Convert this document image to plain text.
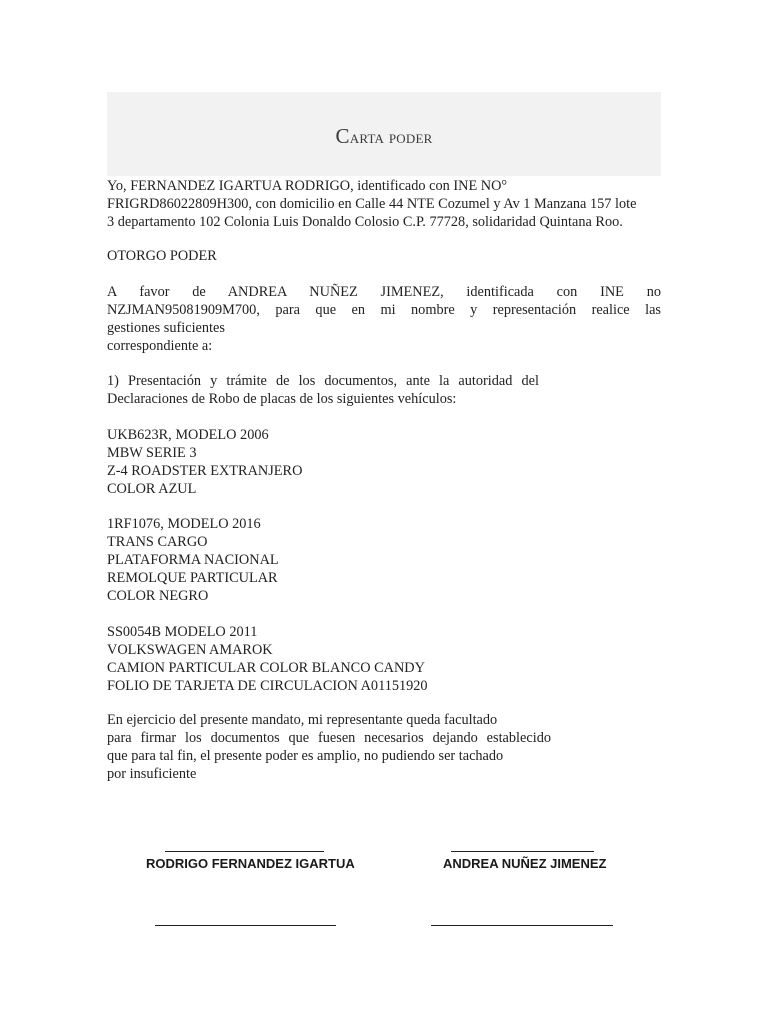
Carta poder
Yo, FERNANDEZ IGARTUA RODRIGO, identificado con INE NO°
FRIGRD86022809H300, con domicilio en Calle 44 NTE Cozumel y Av 1 Manzana 157 lote
3 departamento 102 Colonia Luis Donaldo Colosio C.P. 77728, solidaridad Quintana Roo.
OTORGO PODER
A favor de ANDREA NUÑEZ JIMENEZ, identificada con INE no
NZJMAN95081909M700, para que en mi nombre y representación realice las
gestiones suficientes
correspondiente a:
1) Presentación y trámite de los documentos, ante la autoridad del
Declaraciones de Robo de placas de los siguientes vehículos:
UKB623R, MODELO 2006
MBW SERIE 3
Z-4 ROADSTER EXTRANJERO
COLOR AZUL
1RF1076, MODELO 2016
TRANS CARGO
PLATAFORMA NACIONAL
REMOLQUE PARTICULAR
COLOR NEGRO
SS0054B MODELO 2011
VOLKSWAGEN AMAROK
CAMION PARTICULAR COLOR BLANCO CANDY
FOLIO DE TARJETA DE CIRCULACION A01151920
En ejercicio del presente mandato, mi representante queda facultado
para firmar los documentos que fuesen necesarios dejando establecido
que para tal fin, el presente poder es amplio, no pudiendo ser tachado
por insuficiente
RODRIGO FERNANDEZ IGARTUA	ANDREA NUÑEZ JIMENEZ
